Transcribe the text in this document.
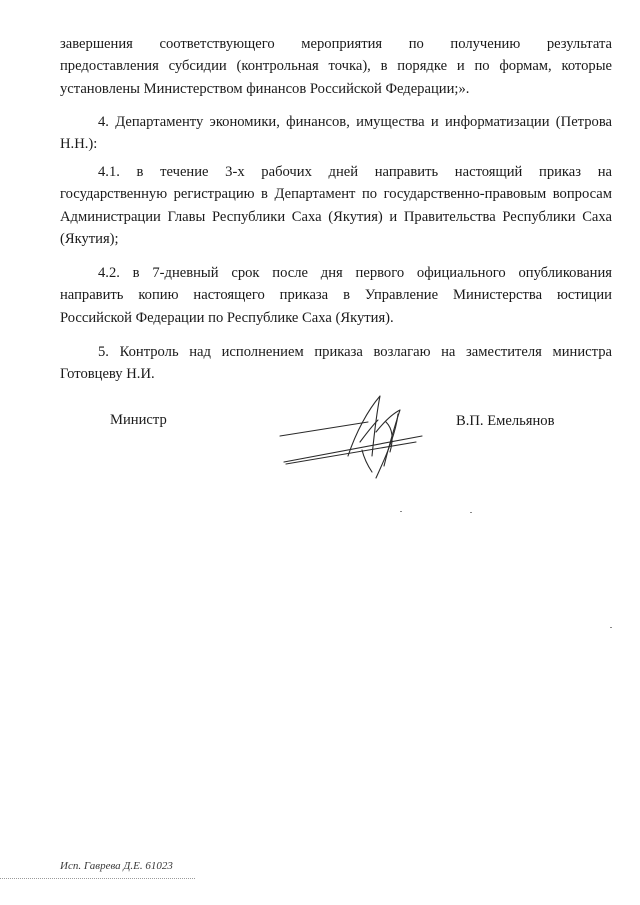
завершения соответствующего мероприятия по получению результата
предоставления субсидии (контрольная точка), в порядке и по формам, которые
установлены Министерством финансов Российской Федерации;».

4. Департаменту экономики, финансов, имущества и информатизации (Петрова
Н.Н.):

4.1. в течение 3-х рабочих дней направить настоящий приказ на
государственную регистрацию в Департамент по государственно-правовым вопросам
Администрации Главы Республики Саха (Якутия) и Правительства Республики Саха
(Якутия);

4.2. в 7-дневный срок после дня первого официального опубликования
направить копию настоящего приказа в Управление Министерства юстиции
Российской Федерации по Республике Саха (Якутия).

5. Контроль над исполнением приказа возлагаю на заместителя министра
Готовцеву Н.И.

Министр	В.П. Емельянов
Исп. Гаврева Д.Е. 61023
